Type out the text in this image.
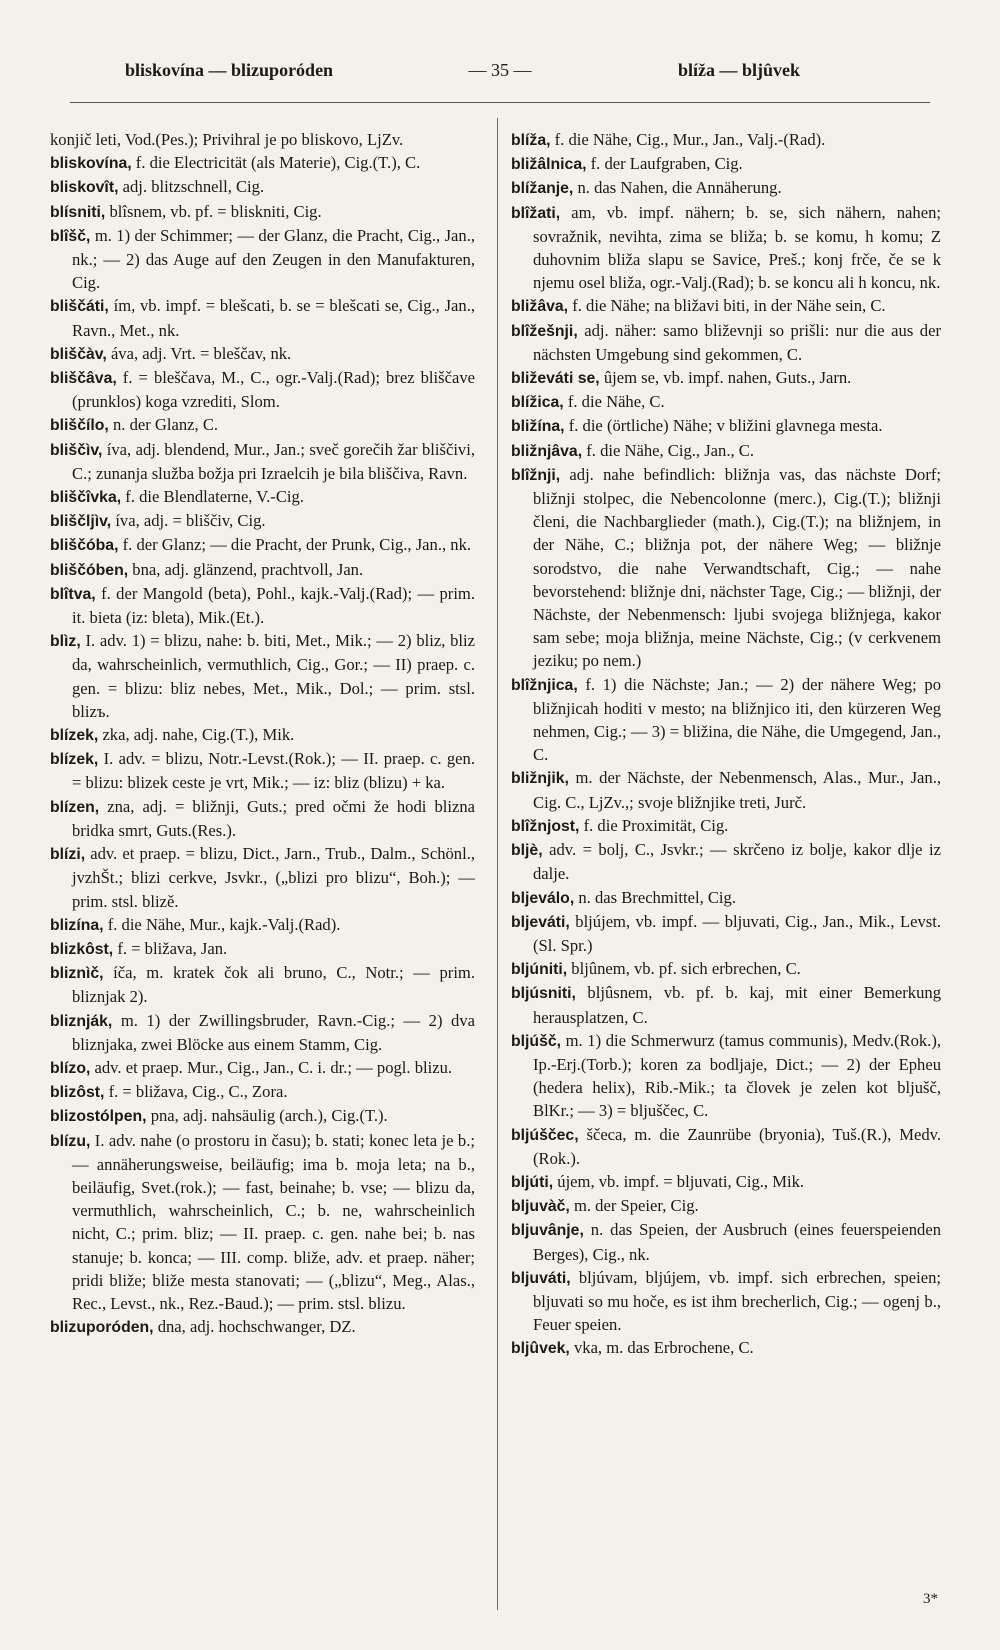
bliskovína — blizuporóden	— 35 —	blíža — bljûvek

konjič leti, Vod.(Pes.); Privihral je po bliskovo, LjZv.

bliskovína, f. die Electricität (als Materie), Cig.(T.), C.

bliskovît, adj. blitzschnell, Cig.

blísniti, blîsnem, vb. pf. = bliskniti, Cig.

blîšč, m. 1) der Schimmer; — der Glanz, die Pracht, Cig., Jan., nk.; — 2) das Auge auf den Zeugen in den Manufakturen, Cig.

bliščáti, ím, vb. impf. = blešcati, b. se = blešcati se, Cig., Jan., Ravn., Met., nk.

bliščàv, áva, adj. Vrt. = bleščav, nk.

bliščâva, f. = bleščava, M., C., ogr.-Valj.(Rad); brez bliščave (prunklos) koga vzrediti, Slom.

bliščílo, n. der Glanz, C.

bliščìv, íva, adj. blendend, Mur., Jan.; sveč gorečih žar bliščivi, C.; zunanja služba božja pri Izraelcih je bila bliščiva, Ravn.

bliščîvka, f. die Blendlaterne, V.-Cig.

bliščljìv, íva, adj. = bliščiv, Cig.

bliščóba, f. der Glanz; — die Pracht, der Prunk, Cig., Jan., nk.

bliščóben, bna, adj. glänzend, prachtvoll, Jan.

blîtva, f. der Mangold (beta), Pohl., kajk.-Valj.(Rad); — prim. it. bieta (iz: bleta), Mik.(Et.).

blìz, I. adv. 1) = blizu, nahe: b. biti, Met., Mik.; — 2) bliz, bliz da, wahrscheinlich, vermuthlich, Cig., Gor.; — II) praep. c. gen. = blizu: bliz nebes, Met., Mik., Dol.; — prim. stsl. blizъ.

blízek, zka, adj. nahe, Cig.(T.), Mik.

blízek, I. adv. = blizu, Notr.-Levst.(Rok.); — II. praep. c. gen. = blizu: blizek ceste je vrt, Mik.; — iz: bliz (blizu) + ka.

blízen, zna, adj. = bližnji, Guts.; pred očmi že hodi blizna bridka smrt, Guts.(Res.).

blízi, adv. et praep. = blizu, Dict., Jarn., Trub., Dalm., Schönl., jvzhŠt.; blizi cerkve, Jsvkr., („blizi pro blizu“, Boh.); — prim. stsl. blizě.

blizína, f. die Nähe, Mur., kajk.-Valj.(Rad).

blizkôst, f. = bližava, Jan.

bliznìč, íča, m. kratek čok ali bruno, C., Notr.; — prim. bliznjak 2).

bliznják, m. 1) der Zwillingsbruder, Ravn.-Cig.; — 2) dva bliznjaka, zwei Blöcke aus einem Stamm, Cig.

blízo, adv. et praep. Mur., Cig., Jan., C. i. dr.; — pogl. blizu.

blizôst, f. = bližava, Cig., C., Zora.

blizostólpen, pna, adj. nahsäulig (arch.), Cig.(T.).

blízu, I. adv. nahe (o prostoru in času); b. stati; konec leta je b.; — annäherungsweise, beiläufig; ima b. moja leta; na b., beiläufig, Svet.(rok.); — fast, beinahe; b. vse; — blizu da, vermuthlich, wahrscheinlich, C.; b. ne, wahrscheinlich nicht, C.; prim. bliz; — II. praep. c. gen. nahe bei; b. nas stanuje; b. konca; — III. comp. bliže, adv. et praep. näher; pridi bliže; bliže mesta stanovati; — („blizu“, Meg., Alas., Rec., Levst., nk., Rez.-Baud.); — prim. stsl. blizu.

blizuporóden, dna, adj. hochschwanger, DZ.

blíža, f. die Nähe, Cig., Mur., Jan., Valj.-(Rad).

bližâlnica, f. der Laufgraben, Cig.

blížanje, n. das Nahen, die Annäherung.

blîžati, am, vb. impf. nähern; b. se, sich nähern, nahen; sovražnik, nevihta, zima se bliža; b. se komu, h komu; Z duhovnim bliža slapu se Savice, Preš.; konj frče, če se k njemu osel bliža, ogr.-Valj.(Rad); b. se koncu ali h koncu, nk.

bližâva, f. die Nähe; na bližavi biti, in der Nähe sein, C.

blîžešnji, adj. näher: samo bliževnji so prišli: nur die aus der nächsten Umgebung sind gekommen, C.

bliževáti se, ûjem se, vb. impf. nahen, Guts., Jarn.

blížica, f. die Nähe, C.

bližína, f. die (örtliche) Nähe; v bližini glavnega mesta.

bližnjâva, f. die Nähe, Cig., Jan., C.

blîžnji, adj. nahe befindlich: bližnja vas, das nächste Dorf; bližnji stolpec, die Nebencolonne (merc.), Cig.(T.); bližnji členi, die Nachbarglieder (math.), Cig.(T.); na bližnjem, in der Nähe, C.; bližnja pot, der nähere Weg; — bližnje sorodstvo, die nahe Verwandtschaft, Cig.; — nahe bevorstehend: bližnje dni, nächster Tage, Cig.; — bližnji, der Nächste, der Nebenmensch: ljubi svojega bližnjega, kakor sam sebe; moja bližnja, meine Nächste, Cig.; (v cerkvenem jeziku; po nem.)

blîžnjica, f. 1) die Nächste; Jan.; — 2) der nähere Weg; po bližnjicah hoditi v mesto; na bližnjico iti, den kürzeren Weg nehmen, Cig.; — 3) = bližina, die Nähe, die Umgegend, Jan., C.

bližnjik, m. der Nächste, der Nebenmensch, Alas., Mur., Jan., Cig. C., LjZv.,; svoje bližnjike treti, Jurč.

blîžnjost, f. die Proximität, Cig.

bljè, adv. = bolj, C., Jsvkr.; — skrčeno iz bolje, kakor dlje iz dalje.

bljeválo, n. das Brechmittel, Cig.

bljeváti, bljújem, vb. impf. — bljuvati, Cig., Jan., Mik., Levst.(Sl. Spr.)

bljúniti, bljûnem, vb. pf. sich erbrechen, C.

bljúsniti, bljûsnem, vb. pf. b. kaj, mit einer Bemerkung herausplatzen, C.

bljúšč, m. 1) die Schmerwurz (tamus communis), Medv.(Rok.), Ip.-Erj.(Torb.); koren za bodljaje, Dict.; — 2) der Epheu (hedera helix), Rib.-Mik.; ta človek je zelen kot bljušč, BlKr.; — 3) = bljuščec, C.

bljúščec, ščeca, m. die Zaunrübe (bryonia), Tuš.(R.), Medv.(Rok.).

bljúti, újem, vb. impf. = bljuvati, Cig., Mik.

bljuvàč, m. der Speier, Cig.

bljuvânje, n. das Speien, der Ausbruch (eines feuerspeienden Berges), Cig., nk.

bljuváti, bljúvam, bljújem, vb. impf. sich erbrechen, speien; bljuvati so mu hoče, es ist ihm brecherlich, Cig.; — ogenj b., Feuer speien.

bljûvek, vka, m. das Erbrochene, C.

3*
